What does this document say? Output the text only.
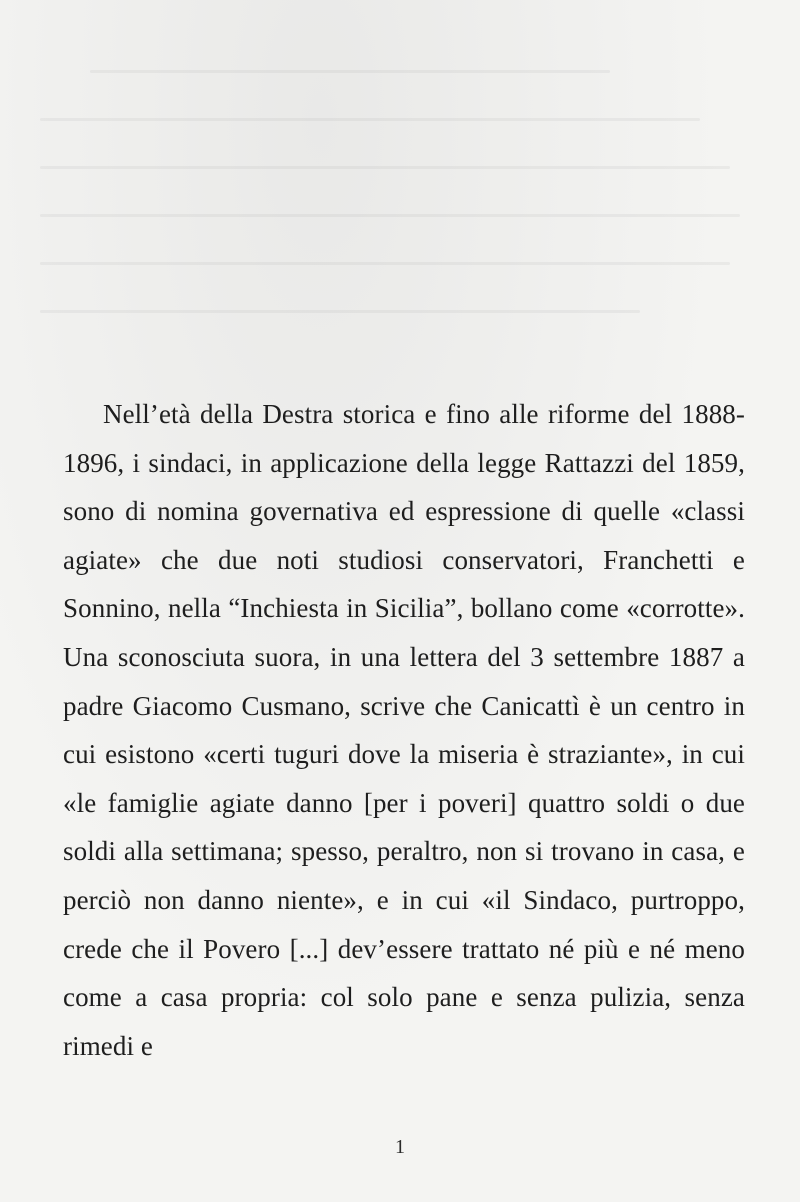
Nell’età della Destra storica e fino alle riforme del 1888-1896, i sindaci, in applicazione della legge Rattazzi del 1859, sono di nomina governativa ed espressione di quelle «classi agiate» che due noti studiosi conservatori, Franchetti e Sonnino, nella “Inchiesta in Sicilia”, bollano come «corrotte». Una sconosciuta suora, in una lettera del 3 settembre 1887 a padre Giacomo Cusmano, scrive che Canicattì è un centro in cui esistono «certi tuguri dove la miseria è straziante», in cui «le famiglie agiate danno [per i poveri] quattro soldi o due soldi alla settimana; spesso, peraltro, non si trovano in casa, e perciò non danno niente», e in cui «il Sindaco, purtroppo, crede che il Povero [...] dev’essere trattato né più e né meno come a casa propria: col solo pane e senza pulizia, senza rimedi e

1
